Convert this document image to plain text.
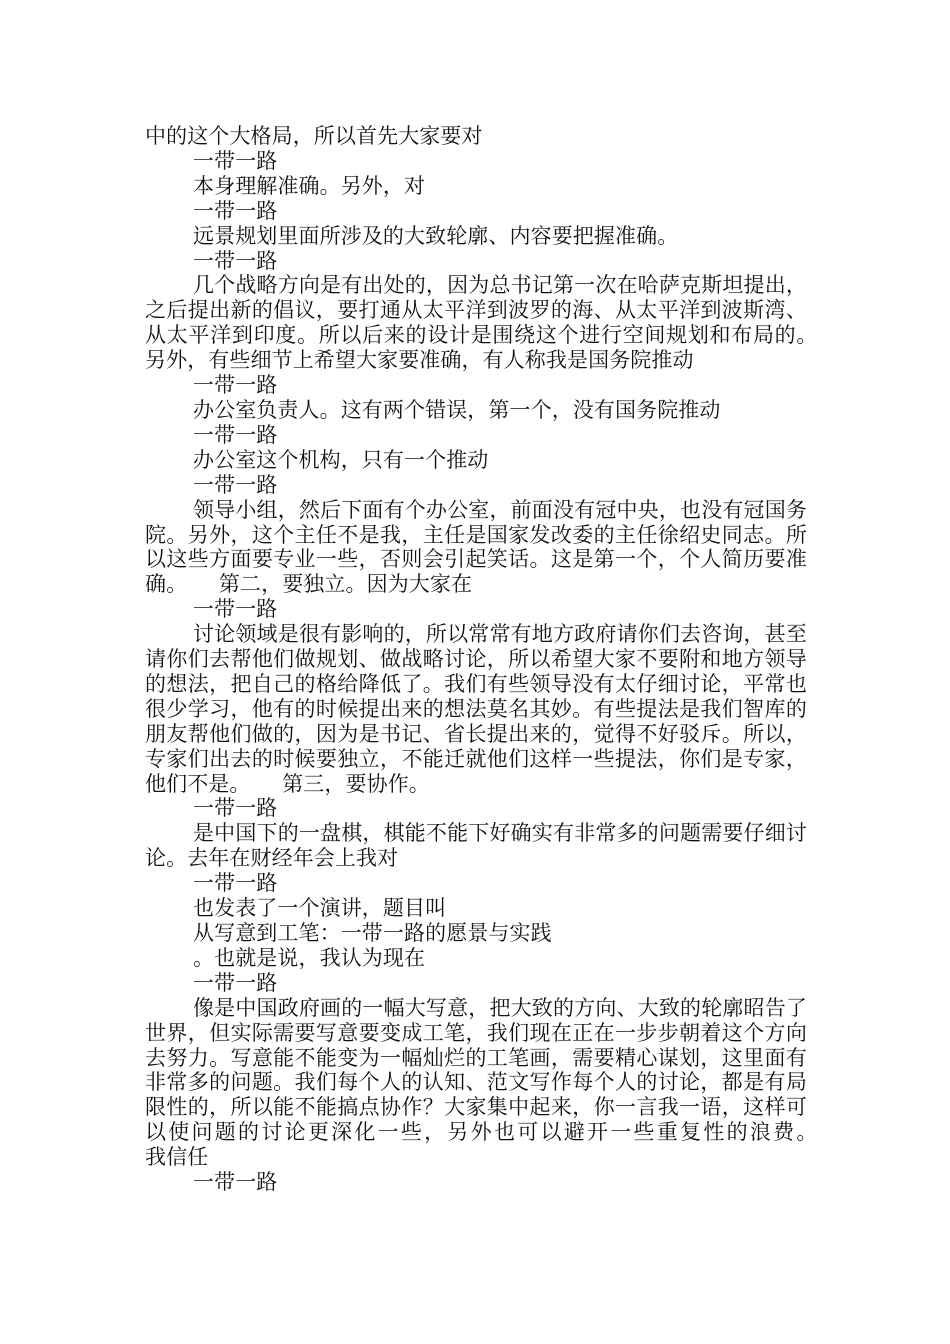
中的这个大格局，所以首先大家要对

一带一路

本身理解准确。另外，对

一带一路

远景规划里面所涉及的大致轮廓、内容要把握准确。

一带一路

几个战略方向是有出处的，因为总书记第一次在哈萨克斯坦提出，之后提出新的倡议，要打通从太平洋到波罗的海、从太平洋到波斯湾、从太平洋到印度。所以后来的设计是围绕这个进行空间规划和布局的。　　另外，有些细节上希望大家要准确，有人称我是国务院推动

一带一路

办公室负责人。这有两个错误，第一个，没有国务院推动

一带一路

办公室这个机构，只有一个推动

一带一路

领导小组，然后下面有个办公室，前面没有冠中央，也没有冠国务院。另外，这个主任不是我，主任是国家发改委的主任徐绍史同志。所以这些方面要专业一些，否则会引起笑话。这是第一个，个人简历要准确。　　第二，要独立。因为大家在

一带一路

讨论领域是很有影响的，所以常常有地方政府请你们去咨询，甚至请你们去帮他们做规划、做战略讨论，所以希望大家不要附和地方领导的想法，把自己的格给降低了。我们有些领导没有太仔细讨论，平常也很少学习，他有的时候提出来的想法莫名其妙。有些提法是我们智库的朋友帮他们做的，因为是书记、省长提出来的，觉得不好驳斥。所以，专家们出去的时候要独立，不能迁就他们这样一些提法，你们是专家，他们不是。　　第三，要协作。

一带一路

是中国下的一盘棋，棋能不能下好确实有非常多的问题需要仔细讨论。去年在财经年会上我对

一带一路

也发表了一个演讲，题目叫

从写意到工笔：一带一路的愿景与实践

。也就是说，我认为现在

一带一路

像是中国政府画的一幅大写意，把大致的方向、大致的轮廓昭告了世界，但实际需要写意要变成工笔，我们现在正在一步步朝着这个方向去努力。写意能不能变为一幅灿烂的工笔画，需要精心谋划，这里面有非常多的问题。我们每个人的认知、范文写作每个人的讨论，都是有局限性的，所以能不能搞点协作？大家集中起来，你一言我一语，这样可以使问题的讨论更深化一些，另外也可以避开一些重复性的浪费。　　我信任

一带一路
